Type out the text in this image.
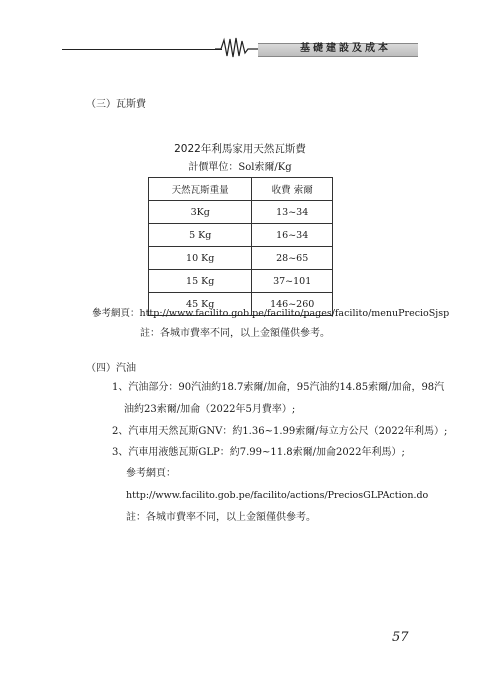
基礎建設及成本
（三）瓦斯費
2022年利馬家用天然瓦斯費
計價單位：Sol索爾/Kg
天然瓦斯重量	收費 索爾
3Kg	13~34
5 Kg	16~34
10 Kg	28~65
15 Kg	37~101
45 Kg	146~260
參考網頁：http://www.facilito.gob.pe/facilito/pages/facilito/menuPrecioSjsp
註：各城市費率不同，以上金額僅供參考。
（四）汽油
1、汽油部分：90汽油約18.7索爾/加侖，95汽油約14.85索爾/加侖，98汽
油約23索爾/加侖（2022年5月費率）;
2、汽車用天然瓦斯GNV：約1.36~1.99索爾/每立方公尺（2022年利馬）;
3、汽車用液態瓦斯GLP：約7.99~11.8索爾/加侖2022年利馬）;
參考網頁：
http://www.facilito.gob.pe/facilito/actions/PreciosGLPAction.do
註：各城市費率不同，以上金額僅供參考。
57
